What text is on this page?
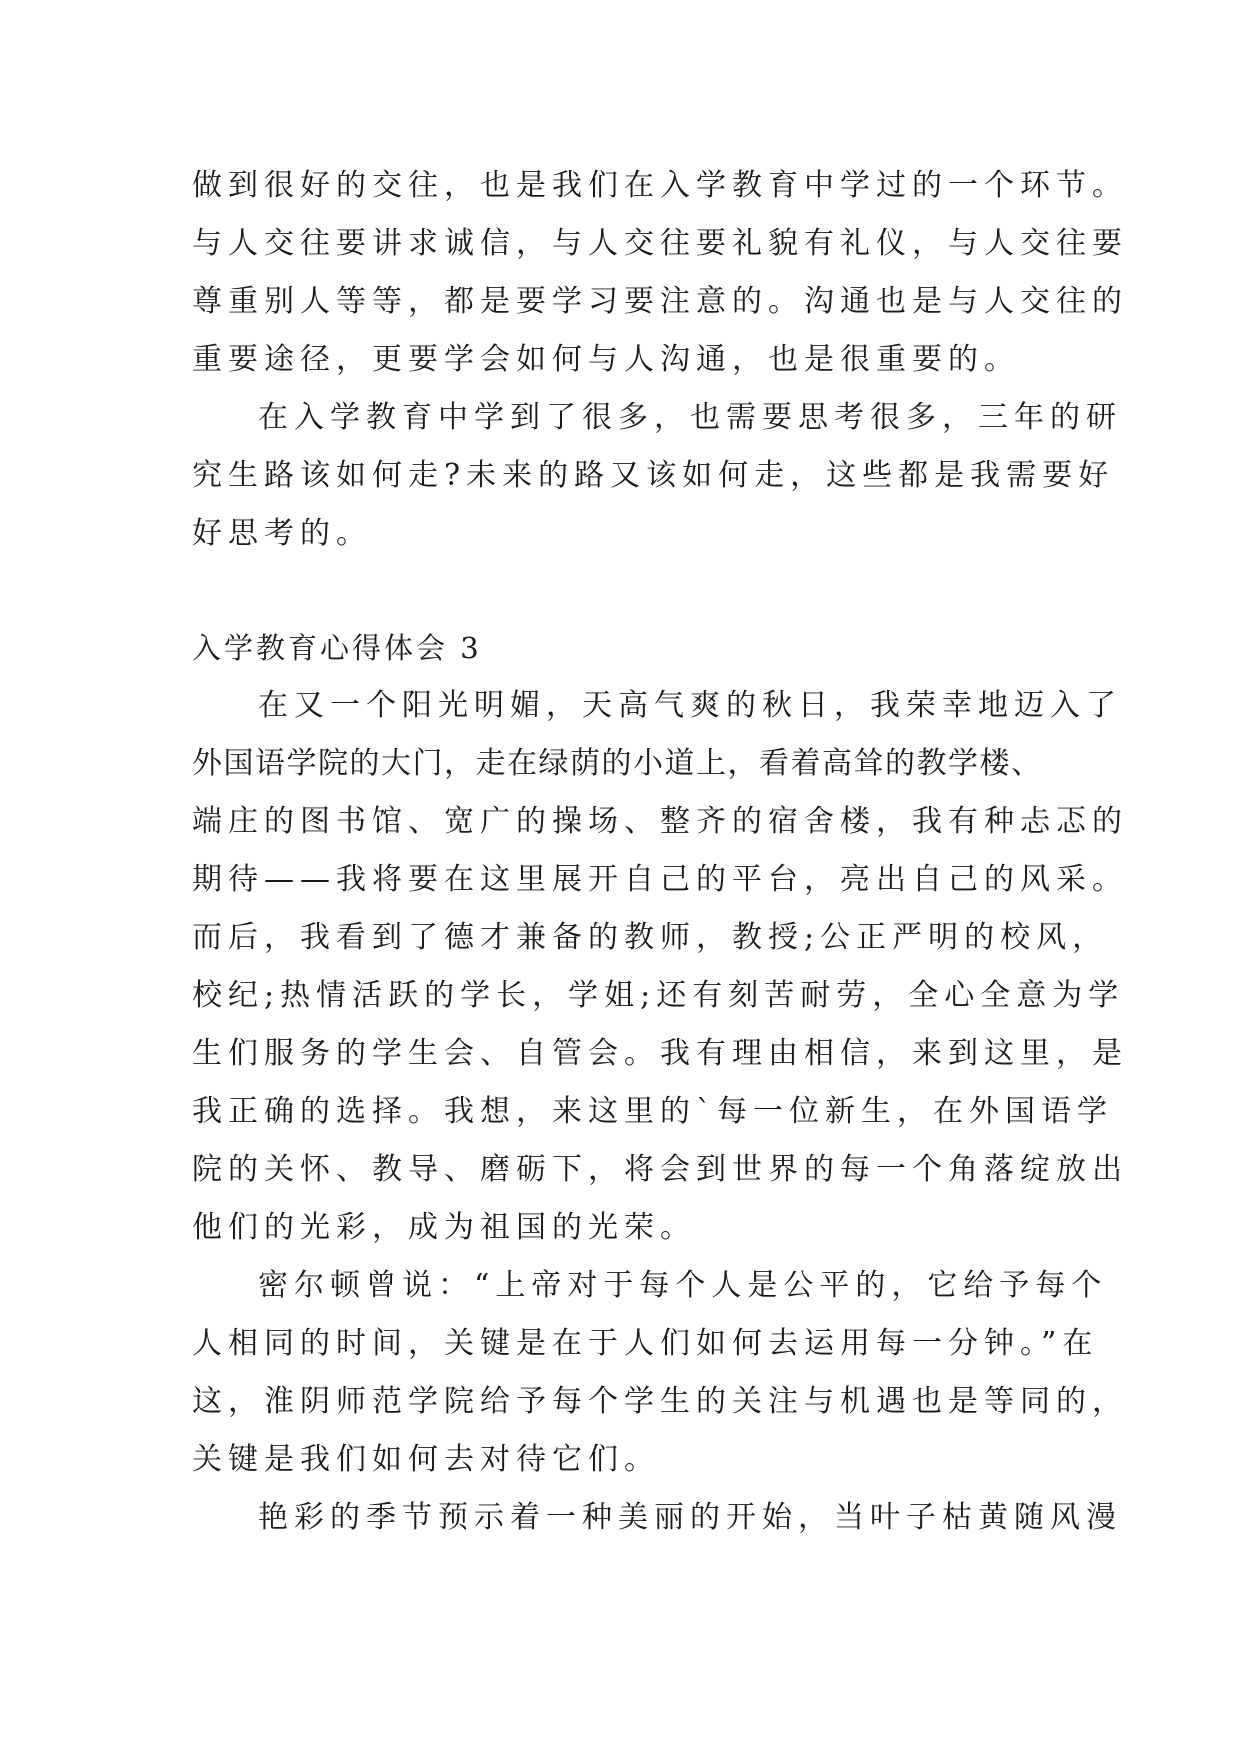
做到很好的交往，也是我们在入学教育中学过的一个环节。
与人交往要讲求诚信，与人交往要礼貌有礼仪，与人交往要
尊重别人等等，都是要学习要注意的。沟通也是与人交往的
重要途径，更要学会如何与人沟通，也是很重要的。
在入学教育中学到了很多，也需要思考很多，三年的研
究生路该如何走?未来的路又该如何走，这些都是我需要好
好思考的。
入学教育心得体会 3
在又一个阳光明媚，天高气爽的秋日，我荣幸地迈入了
外国语学院的大门，走在绿荫的小道上，看着高耸的教学楼、
端庄的图书馆、宽广的操场、整齐的宿舍楼，我有种忐忑的
期待——我将要在这里展开自己的平台，亮出自己的风采。
而后，我看到了德才兼备的教师，教授;公正严明的校风，
校纪;热情活跃的学长，学姐;还有刻苦耐劳，全心全意为学
生们服务的学生会、自管会。我有理由相信，来到这里，是
我正确的选择。我想，来这里的`每一位新生，在外国语学
院的关怀、教导、磨砺下，将会到世界的每一个角落绽放出
他们的光彩，成为祖国的光荣。
密尔顿曾说：“上帝对于每个人是公平的，它给予每个
人相同的时间，关键是在于人们如何去运用每一分钟。”在
这，淮阴师范学院给予每个学生的关注与机遇也是等同的，
关键是我们如何去对待它们。
艳彩的季节预示着一种美丽的开始，当叶子枯黄随风漫
